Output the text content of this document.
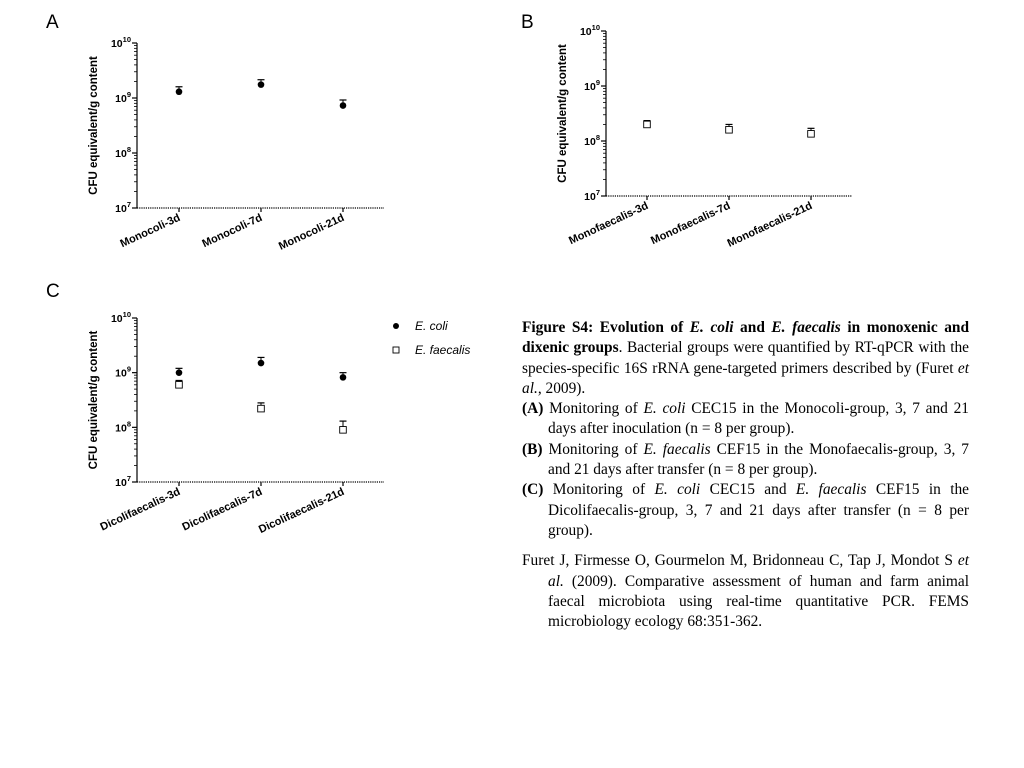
A	B
C
$10^7$
$10^8$
$10^9$
$10^{10}$
CFU equivalent/g content
Monocoli-3d Monocoli-7d Monocoli-21d
$10^7$
$10^8$
$10^9$
$10^{10}$
CFU equivalent/g content
Monofaecalis-3d
Monofaecalis-7d
Monofaecalis-21d
$10^7$
$10^8$
$10^9$
$10^{10}$
CFU equivalent/g content
Dicolifaecalis-3d
Dicolifaecalis-7d
Dicolifaecalis-21d
E. coli
E. faecalis

Figure S4: Evolution of E. coli and E. faecalis in monoxenic and dixenic groups. Bacterial groups were quantified by RT-qPCR with the species-specific 16S rRNA gene-targeted primers described by (Furet et al., 2009).

(A) Monitoring of E. coli CEC15 in the Monocoli-group, 3, 7 and 21 days after inoculation (n = 8 per group).

(B) Monitoring of E. faecalis CEF15 in the Monofaecalis-group, 3, 7 and 21 days after transfer (n = 8 per group).

(C) Monitoring of E. coli CEC15 and E. faecalis CEF15 in the Dicolifaecalis-group, 3, 7 and 21 days after transfer (n = 8 per group).

Furet J, Firmesse O, Gourmelon M, Bridonneau C, Tap J, Mondot S et al. (2009). Comparative assessment of human and farm animal faecal microbiota using real-time quantitative PCR. FEMS microbiology ecology 68:351-362.
